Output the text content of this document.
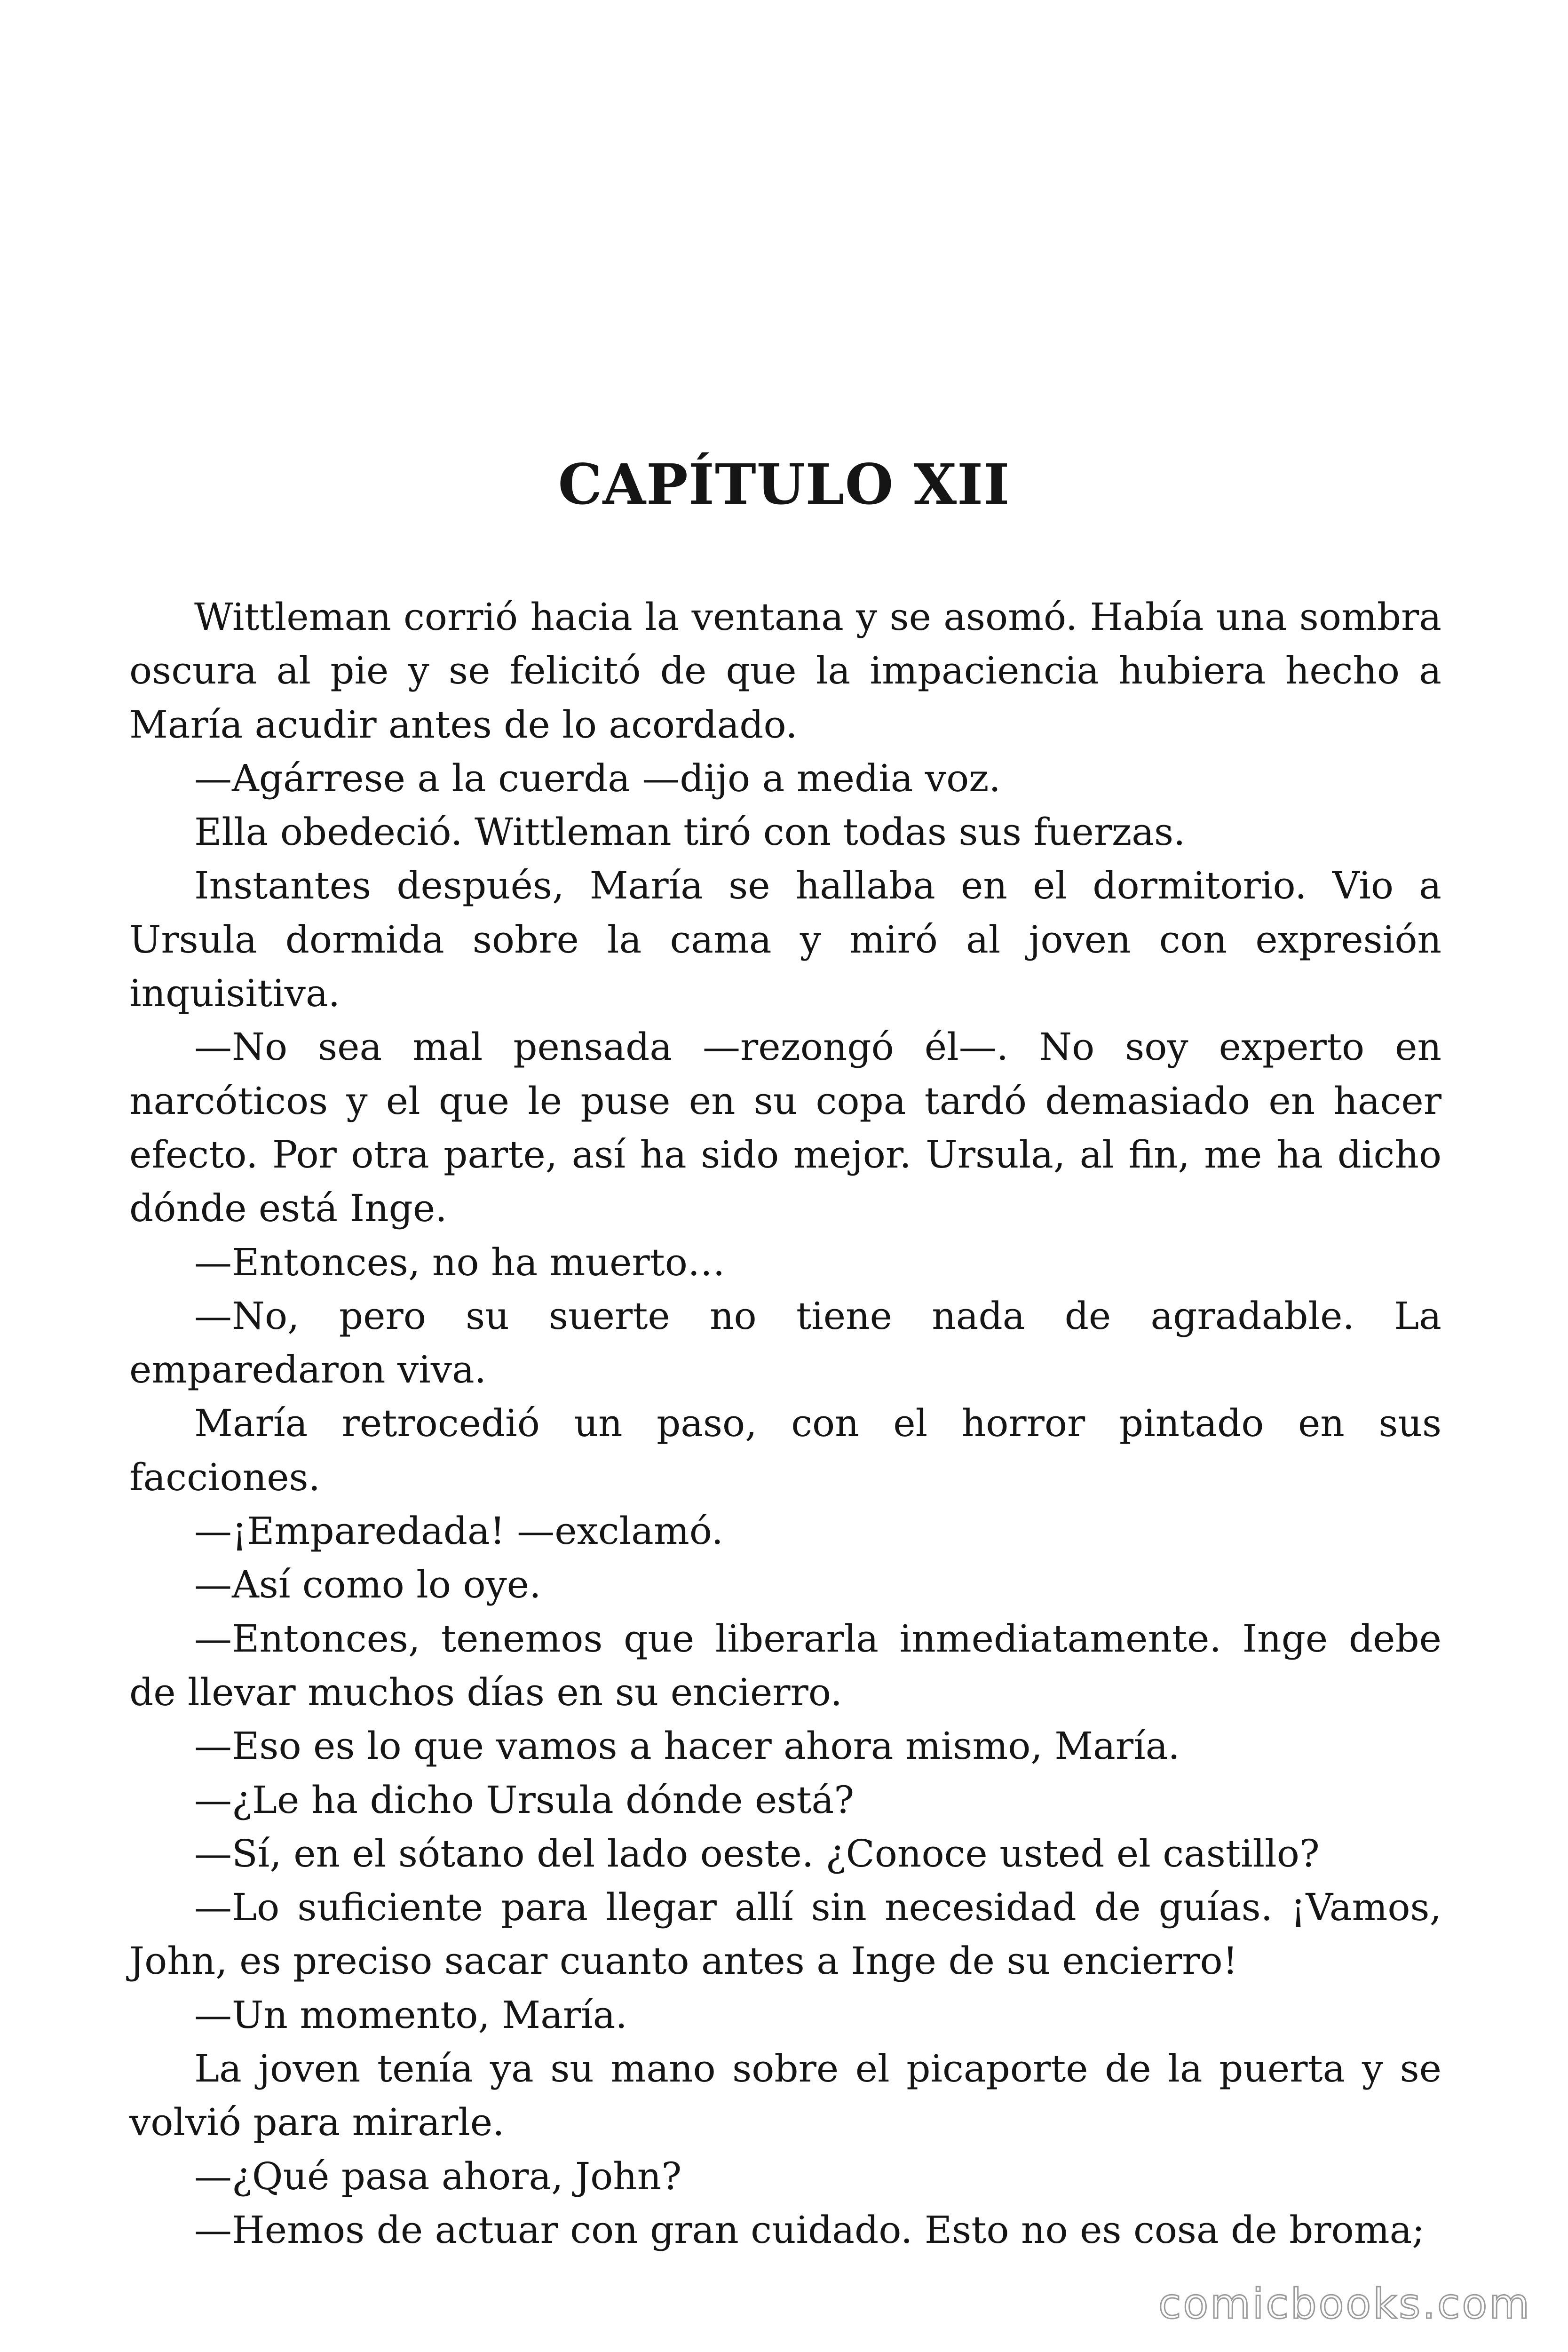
CAPÍTULO XII

Wittleman corrió hacia la ventana y se asomó. Había una sombra oscura al pie y se felicitó de que la impaciencia hubiera hecho a María acudir antes de lo acordado.

—Agárrese a la cuerda —dijo a media voz.

Ella obedeció. Wittleman tiró con todas sus fuerzas.

Instantes después, María se hallaba en el dormitorio. Vio a Ursula dormida sobre la cama y miró al joven con expresión inquisitiva.

—No sea mal pensada —rezongó él—. No soy experto en narcóticos y el que le puse en su copa tardó demasiado en hacer efecto. Por otra parte, así ha sido mejor. Ursula, al fin, me ha dicho dónde está Inge.

—Entonces, no ha muerto…

—No, pero su suerte no tiene nada de agradable. La emparedaron viva.

María retrocedió un paso, con el horror pintado en sus facciones.

—¡Emparedada! —exclamó.

—Así como lo oye.

—Entonces, tenemos que liberarla inmediatamente. Inge debe de llevar muchos días en su encierro.

—Eso es lo que vamos a hacer ahora mismo, María.

—¿Le ha dicho Ursula dónde está?

—Sí, en el sótano del lado oeste. ¿Conoce usted el castillo?

—Lo suficiente para llegar allí sin necesidad de guías. ¡Vamos, John, es preciso sacar cuanto antes a Inge de su encierro!

—Un momento, María.

La joven tenía ya su mano sobre el picaporte de la puerta y se volvió para mirarle.

—¿Qué pasa ahora, John?

—Hemos de actuar con gran cuidado. Esto no es cosa de broma;

comicbooks.com
